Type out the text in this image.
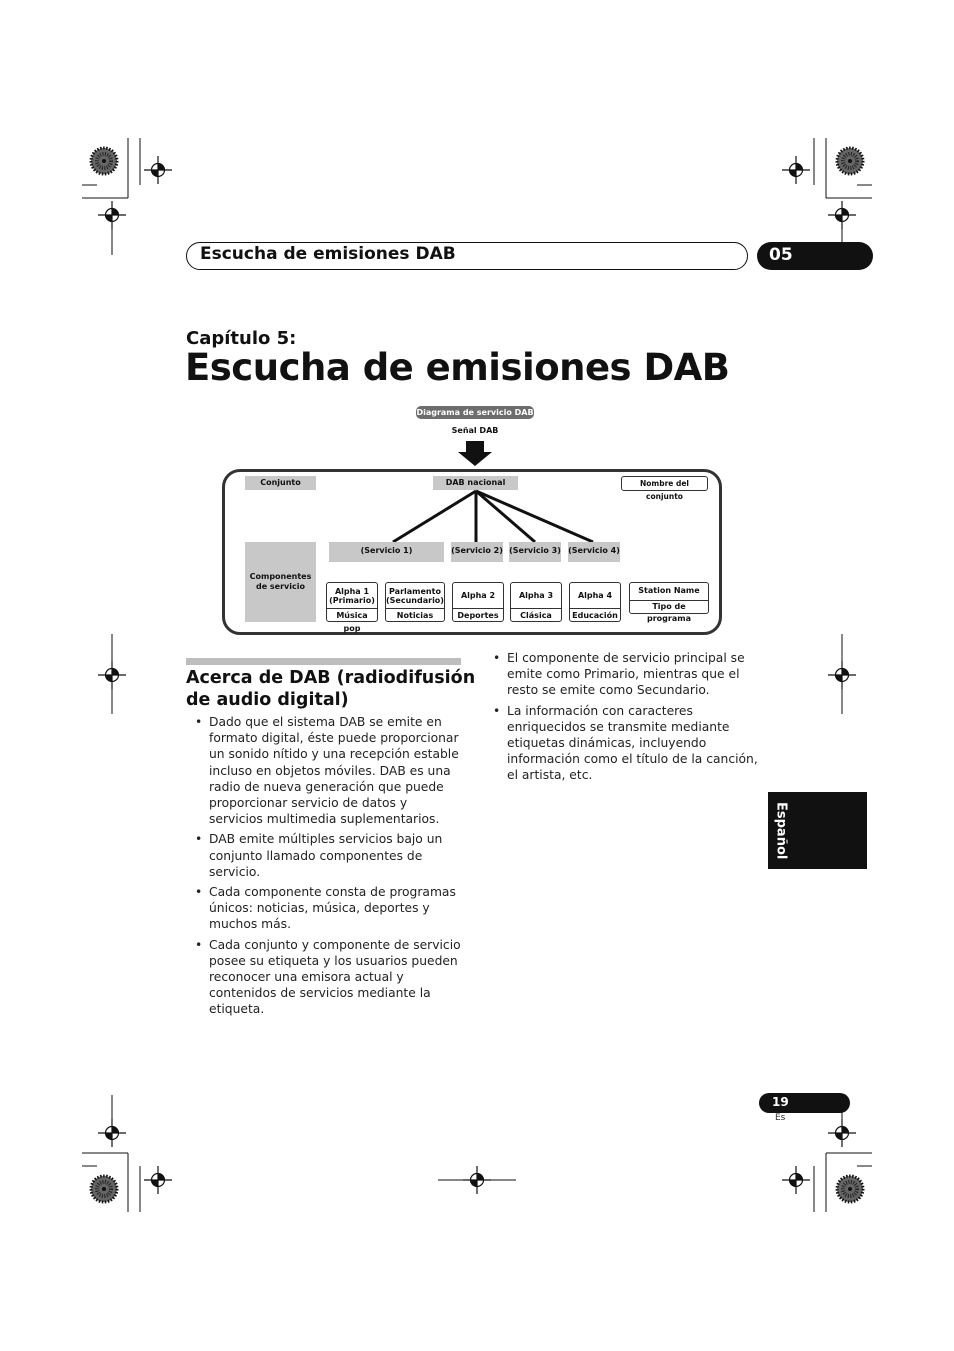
Escucha de emisiones DAB	05
Capítulo 5:
Escucha de emisiones DAB
Diagrama de servicio DAB
Señal DAB
Conjunto	DAB nacional	Nombre del conjunto
Componentes de servicio
(Servicio 1)	(Servicio 2) (Servicio 3) (Servicio 4)
Alpha 1
(Primario)
Música pop
Parlamento
(Secundario)
Noticias
Alpha 2
Deportes
Alpha 3
Clásica
Alpha 4
Educación
Station Name
Tipo de programa
Acerca de DAB (radiodifusión de audio digital)
• Dado que el sistema DAB se emite en formato digital, éste puede proporcionar un sonido nítido y una recepción estable incluso en objetos móviles. DAB es una radio de nueva generación que puede proporcionar servicio de datos y servicios multimedia suplementarios.
• DAB emite múltiples servicios bajo un conjunto llamado componentes de servicio.
• Cada componente consta de programas únicos: noticias, música, deportes y muchos más.
• Cada conjunto y componente de servicio posee su etiqueta y los usuarios pueden reconocer una emisora actual y contenidos de servicios mediante la etiqueta.
• El componente de servicio principal se emite como Primario, mientras que el resto se emite como Secundario.
• La información con caracteres enriquecidos se transmite mediante etiquetas dinámicas, incluyendo información como el título de la canción, el artista, etc.
Español
19
Es
